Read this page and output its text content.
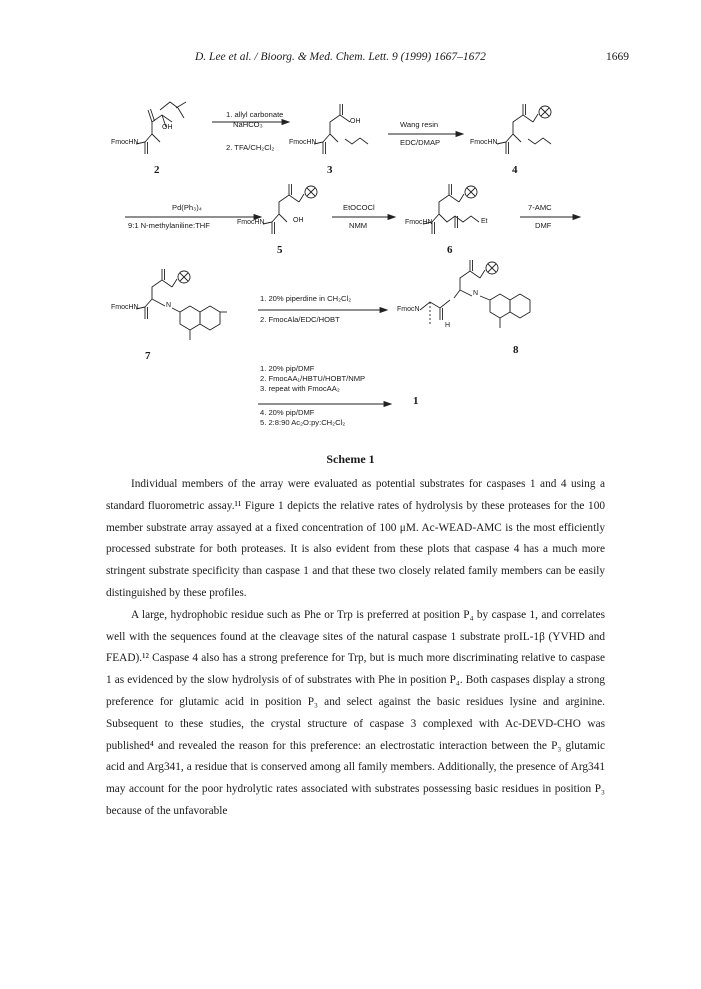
D. Lee et al. / Bioorg. & Med. Chem. Lett. 9 (1999) 1667–1672	1669
1. allyl carbonate
NaHCO₃
2. TFA/CH₂Cl₂
Wang resin
EDC/DMAP
Pd(Ph₃)₄
9:1 N-methylaniline:THF
EtOCOCl
NMM
7-AMC
DMF
1. 20% piperdine in CH₂Cl₂
2. FmocAla/EDC/HOBT
1. 20% pip/DMF
2. FmocAA₁/HBTU/HOBT/NMP
3. repeat with FmocAA₂
4. 20% pip/DMF
5. 2:8:90 Ac₂O:py:CH₂Cl₂
FmocHN
OH
FmocHN
OH
FmocHN
FmocHN	OH	FmocHN	Et
FmocHN	N
FmocN
N
H
2	3	4
5	6
7	8
1
Scheme 1

Individual members of the array were evaluated as potential substrates for caspases 1 and 4 using a standard fluorometric assay.¹¹ Figure 1 depicts the relative rates of hydrolysis by these proteases for the 100 member substrate array assayed at a fixed concentration of 100 μM. Ac-WEAD-AMC is the most efficiently processed substrate for both proteases. It is also evident from these plots that caspase 4 has a much more stringent substrate specificity than caspase 1 and that these two closely related family members can be easily distinguished by these profiles.

A large, hydrophobic residue such as Phe or Trp is preferred at position P₄ by caspase 1, and correlates well with the sequences found at the cleavage sites of the natural caspase 1 substrate proIL-1β (YVHD and FEAD).¹² Caspase 4 also has a strong preference for Trp, but is much more discriminating relative to caspase 1 as evidenced by the slow hydrolysis of of substrates with Phe in position P₄. Both caspases display a strong preference for glutamic acid in position P₃ and select against the basic residues lysine and arginine. Subsequent to these studies, the crystal structure of caspase 3 complexed with Ac-DEVD-CHO was published⁴ and revealed the reason for this preference: an electrostatic interaction between the P₃ glutamic acid and Arg341, a residue that is conserved among all family members. Additionally, the presence of Arg341 may account for the poor hydrolytic rates associated with substrates possessing basic residues in position P₃ because of the unfavorable
